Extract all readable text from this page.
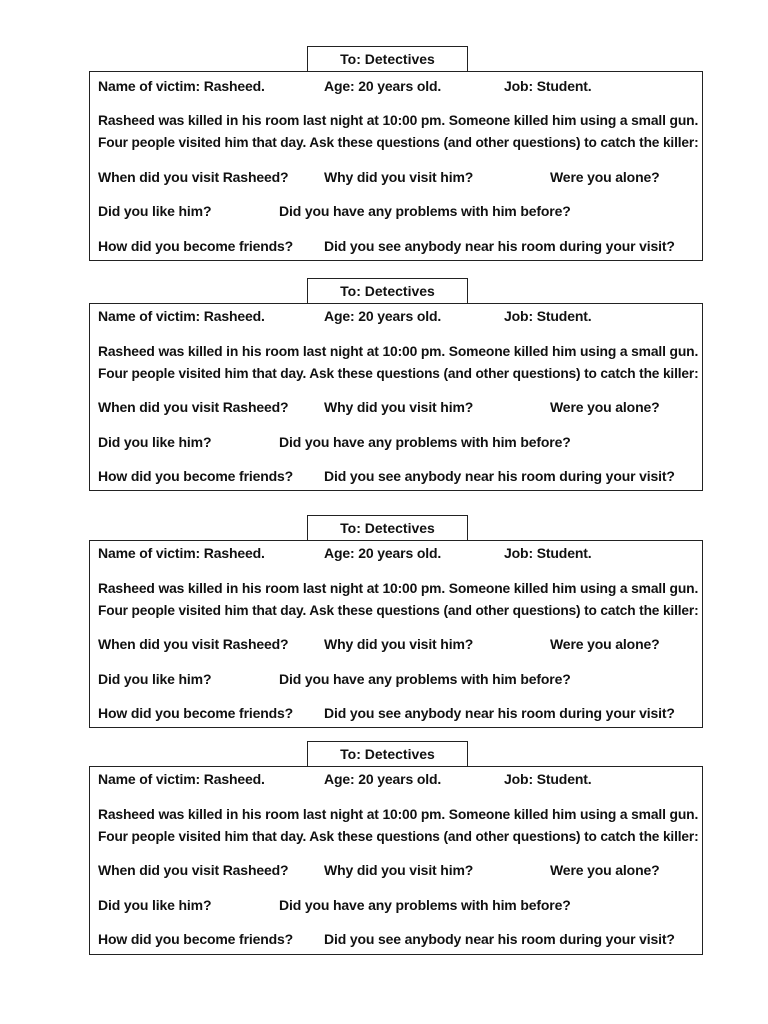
To: Detectives
Name of victim: Rasheed.	Age: 20 years old.	Job: Student.
Rasheed was killed in his room last night at 10:00 pm. Someone killed him using a small gun.
Four people visited him that day. Ask these questions (and other questions) to catch the killer:
When did you visit Rasheed?	Why did you visit him?	Were you alone?
Did you like him?	Did you have any problems with him before?
How did you become friends? Did you see anybody near his room during your visit?
To: Detectives
Name of victim: Rasheed.	Age: 20 years old.	Job: Student.
Rasheed was killed in his room last night at 10:00 pm. Someone killed him using a small gun.
Four people visited him that day. Ask these questions (and other questions) to catch the killer:
When did you visit Rasheed?	Why did you visit him?	Were you alone?
Did you like him?	Did you have any problems with him before?
How did you become friends? Did you see anybody near his room during your visit?
To: Detectives
Name of victim: Rasheed.	Age: 20 years old.	Job: Student.
Rasheed was killed in his room last night at 10:00 pm. Someone killed him using a small gun.
Four people visited him that day. Ask these questions (and other questions) to catch the killer:
When did you visit Rasheed?	Why did you visit him?	Were you alone?
Did you like him?	Did you have any problems with him before?
How did you become friends? Did you see anybody near his room during your visit?
To: Detectives
Name of victim: Rasheed.	Age: 20 years old.	Job: Student.
Rasheed was killed in his room last night at 10:00 pm. Someone killed him using a small gun.
Four people visited him that day. Ask these questions (and other questions) to catch the killer:
When did you visit Rasheed?	Why did you visit him?	Were you alone?
Did you like him?	Did you have any problems with him before?
How did you become friends? Did you see anybody near his room during your visit?
